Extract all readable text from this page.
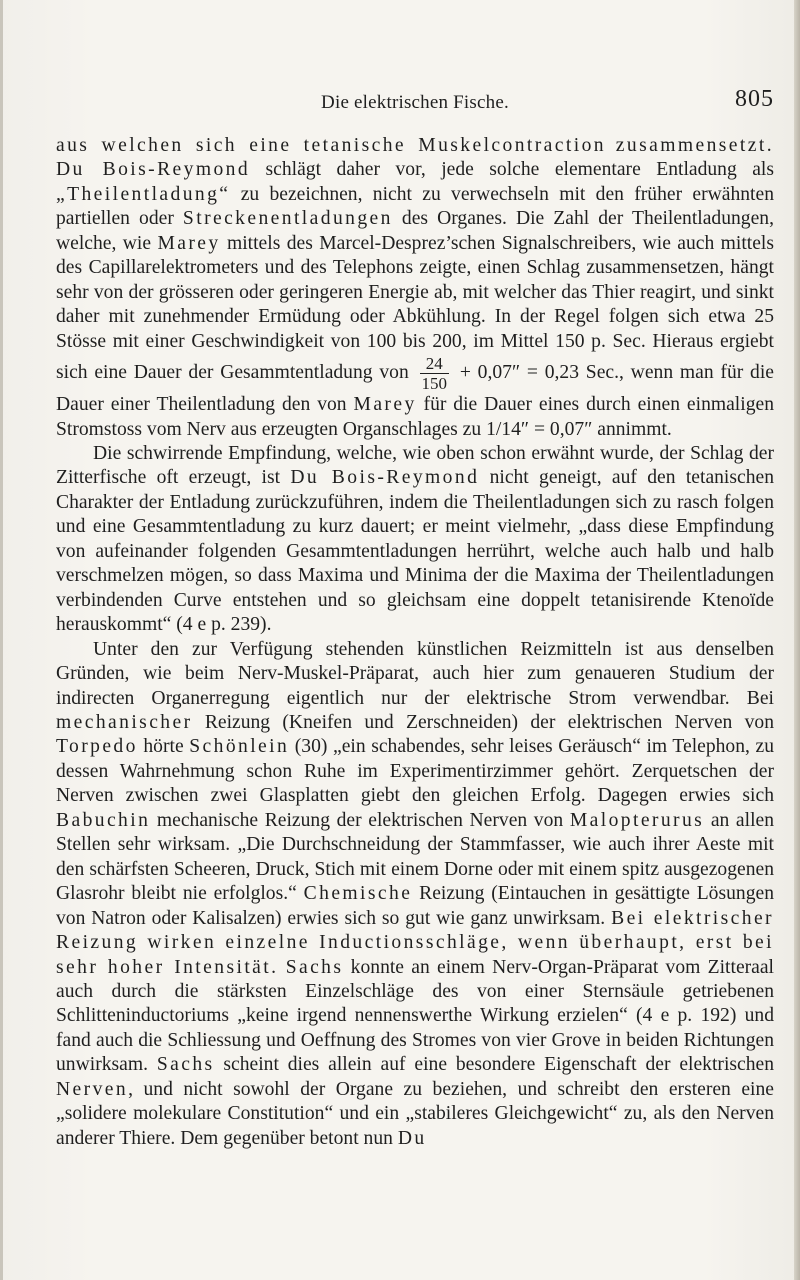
Die elektrischen Fische.	805

aus welchen sich eine tetanische Muskelcontraction zusammensetzt. Du Bois-Reymond schlägt daher vor, jede solche elementare Entladung als „Theilentladung“ zu bezeichnen, nicht zu verwechseln mit den früher erwähnten partiellen oder Streckenentladungen des Organes. Die Zahl der Theilentladungen, welche, wie Marey mittels des Marcel-Desprez’schen Signalschreibers, wie auch mittels des Capillarelektrometers und des Telephons zeigte, einen Schlag zusammensetzen, hängt sehr von der grösseren oder geringeren Energie ab, mit welcher das Thier reagirt, und sinkt daher mit zunehmender Ermüdung oder Abkühlung. In der Regel folgen sich etwa 25 Stösse mit einer Geschwindigkeit von 100 bis 200, im Mittel 150 p. Sec. Hieraus ergiebt sich eine Dauer der Gesammtentladung von $\frac{24}{150} + 0,07'' = 0,23$ Sec., wenn man für die Dauer einer Theilentladung den von Marey für die Dauer eines durch einen einmaligen Stromstoss vom Nerv aus erzeugten Organschlages zu 1/14″ = 0,07″ annimmt.

Die schwirrende Empfindung, welche, wie oben schon erwähnt wurde, der Schlag der Zitterfische oft erzeugt, ist Du Bois-Reymond nicht geneigt, auf den tetanischen Charakter der Entladung zurückzuführen, indem die Theilentladungen sich zu rasch folgen und eine Gesammtentladung zu kurz dauert; er meint vielmehr, „dass diese Empfindung von aufeinander folgenden Gesammtentladungen herrührt, welche auch halb und halb verschmelzen mögen, so dass Maxima und Minima der die Maxima der Theilentladungen verbindenden Curve entstehen und so gleichsam eine doppelt tetanisirende Ktenoïde herauskommt“ (4 e p. 239).

Unter den zur Verfügung stehenden künstlichen Reizmitteln ist aus denselben Gründen, wie beim Nerv-Muskel-Präparat, auch hier zum genaueren Studium der indirecten Organerregung eigentlich nur der elektrische Strom verwendbar. Bei mechanischer Reizung (Kneifen und Zerschneiden) der elektrischen Nerven von Torpedo hörte Schönlein (30) „ein schabendes, sehr leises Geräusch“ im Telephon, zu dessen Wahrnehmung schon Ruhe im Experimentirzimmer gehört. Zerquetschen der Nerven zwischen zwei Glasplatten giebt den gleichen Erfolg. Dagegen erwies sich Babuchin mechanische Reizung der elektrischen Nerven von Malopterurus an allen Stellen sehr wirksam. „Die Durchschneidung der Stammfasser, wie auch ihrer Aeste mit den schärfsten Scheeren, Druck, Stich mit einem Dorne oder mit einem spitz ausgezogenen Glasrohr bleibt nie erfolglos.“ Chemische Reizung (Eintauchen in gesättigte Lösungen von Natron oder Kalisalzen) erwies sich so gut wie ganz unwirksam. Bei elektrischer Reizung wirken einzelne Inductionsschläge, wenn überhaupt, erst bei sehr hoher Intensität. Sachs konnte an einem Nerv-Organ-Präparat vom Zitteraal auch durch die stärksten Einzelschläge des von einer Sternsäule getriebenen Schlitteninductoriums „keine irgend nennenswerthe Wirkung erzielen“ (4 e p. 192) und fand auch die Schliessung und Oeffnung des Stromes von vier Grove in beiden Richtungen unwirksam. Sachs scheint dies allein auf eine besondere Eigenschaft der elektrischen Nerven, und nicht sowohl der Organe zu beziehen, und schreibt den ersteren eine „solidere molekulare Constitution“ und ein „stabileres Gleichgewicht“ zu, als den Nerven anderer Thiere. Dem gegenüber betont nun Du
